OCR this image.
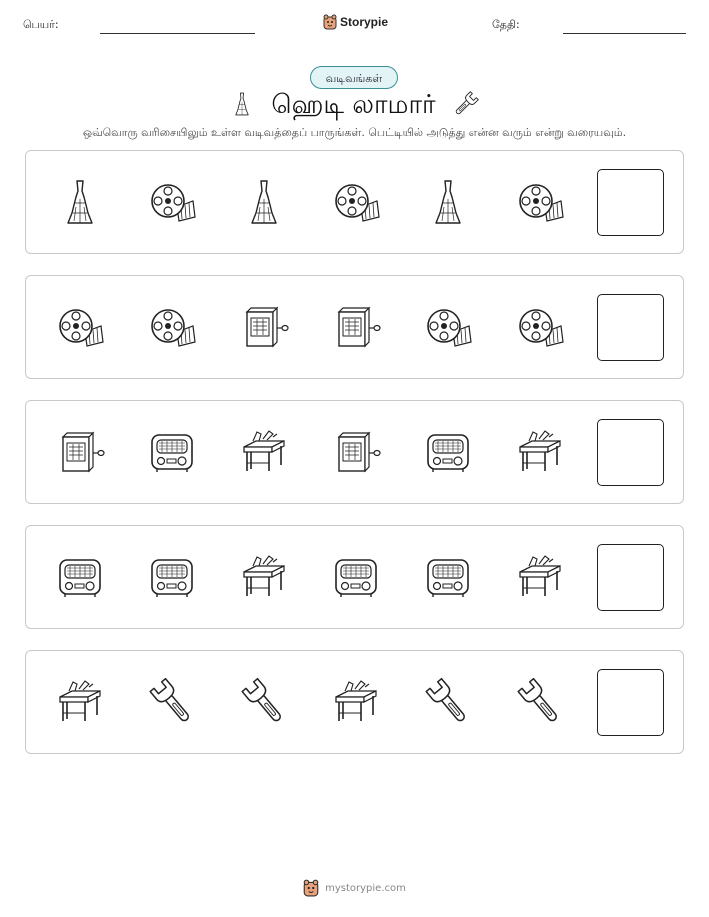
பெயர்:	Storypie	தேதி:
வடிவங்கள்
ஹெடி லாமார்
ஒவ்வொரு வரிசையிலும் உள்ள வடிவத்தைப் பாருங்கள். பெட்டியில் அடுத்து என்ன வரும் என்று வரையவும்.
mystorypie.com
